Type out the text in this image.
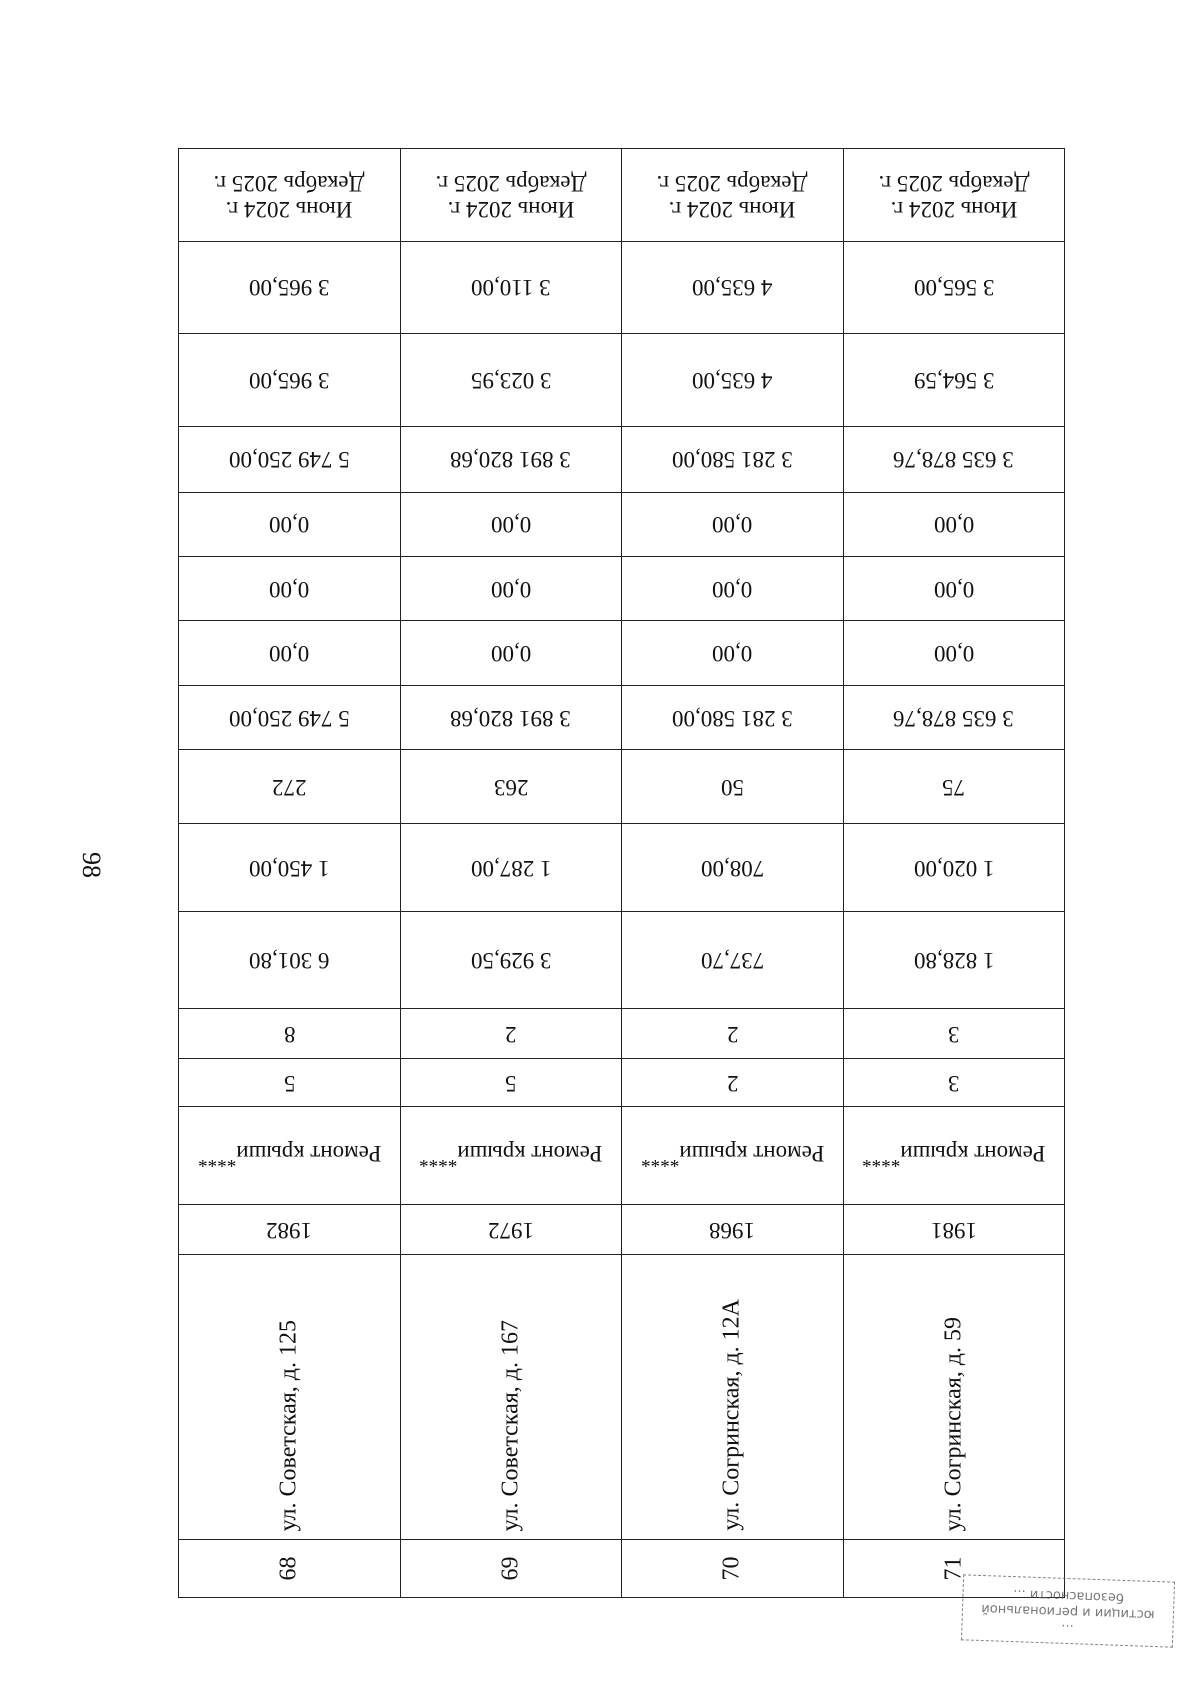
98
Июнь 2024 г. Декабрь 2025 г.	Июнь 2024 г. Декабрь 2025 г.	Июнь 2024 г. Декабрь 2025 г.	Июнь 2024 г. Декабрь 2025 г.
3 965,00	3 110,00	4 635,00	3 565,00
3 965,00	3 023,95	4 635,00	3 564,59
5 749 250,00	3 891 820,68	3 281 580,00	3 635 878,76
0,00	0,00	0,00	0,00
0,00	0,00	0,00	0,00
0,00	0,00	0,00	0,00
5 749 250,00	3 891 820,68	3 281 580,00	3 635 878,76
272	263	50	75
1 450,00	1 287,00	708,00	1 020,00
6 301,80	3 929,50	737,70	1 828,80
8	2	2	3
5	5	2	3
Ремонт крыши****	Ремонт крыши****	Ремонт крыши****	Ремонт крыши****
1982	1972	1968	1981

ул. Советская, д. 125	ул. Советская, д. 167	ул. Согринская, д. 12А	ул. Согринская, д. 59

68	69	70	71
...
юстиции и региональной
безопасности ...
